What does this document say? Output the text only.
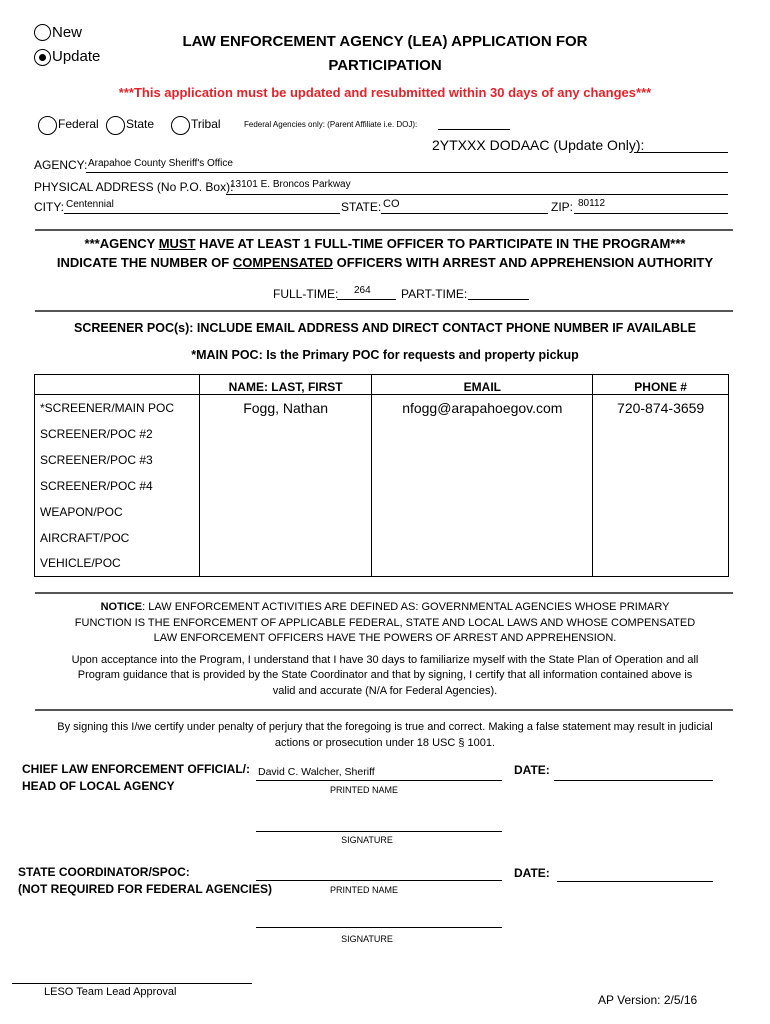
New
Update
LAW ENFORCEMENT AGENCY (LEA) APPLICATION FOR
PARTICIPATION
***This application must be updated and resubmitted within 30 days of any changes***
Federal State	Tribal	Federal Agencies only: (Parent Affiliate i.e. DOJ):
2YTXXX DODAAC (Update Only):
AGENCY: Arapahoe County Sheriff's Office
PHYSICAL ADDRESS (No P.O. Box):
13101 E. Broncos Parkway
CITY: Centennial	STATE: CO	ZIP: 80112
***AGENCY MUST HAVE AT LEAST 1 FULL-TIME OFFICER TO PARTICIPATE IN THE PROGRAM***
INDICATE THE NUMBER OF COMPENSATED OFFICERS WITH ARREST AND APPREHENSION AUTHORITY
FULL-TIME: 264	PART-TIME:
SCREENER POC(s): INCLUDE EMAIL ADDRESS AND DIRECT CONTACT PHONE NUMBER IF AVAILABLE
*MAIN POC: Is the Primary POC for requests and property pickup
	NAME: LAST, FIRST	EMAIL	PHONE #
*SCREENER/MAIN POC	Fogg, Nathan	nfogg@arapahoegov.com	720-874-3659
SCREENER/POC #2			
SCREENER/POC #3			
SCREENER/POC #4			
WEAPON/POC			
AIRCRAFT/POC			
VEHICLE/POC			
NOTICE: LAW ENFORCEMENT ACTIVITIES ARE DEFINED AS: GOVERNMENTAL AGENCIES WHOSE PRIMARY
FUNCTION IS THE ENFORCEMENT OF APPLICABLE FEDERAL, STATE AND LOCAL LAWS AND WHOSE COMPENSATED
LAW ENFORCEMENT OFFICERS HAVE THE POWERS OF ARREST AND APPREHENSION.
Upon acceptance into the Program, I understand that I have 30 days to familiarize myself with the State Plan of Operation and all
Program guidance that is provided by the State Coordinator and that by signing, I certify that all information contained above is
valid and accurate (N/A for Federal Agencies).
By signing this I/we certify under penalty of perjury that the foregoing is true and correct. Making a false statement may result in judicial
actions or prosecution under 18 USC § 1001.
CHIEF LAW ENFORCEMENT OFFICIAL/:
HEAD OF LOCAL AGENCY
David C. Walcher, Sheriff
PRINTED NAME
DATE:
SIGNATURE
STATE COORDINATOR/SPOC:
(NOT REQUIRED FOR FEDERAL AGENCIES)	PRINTED NAME
DATE:
SIGNATURE
LESO Team Lead Approval
AP Version: 2/5/16
